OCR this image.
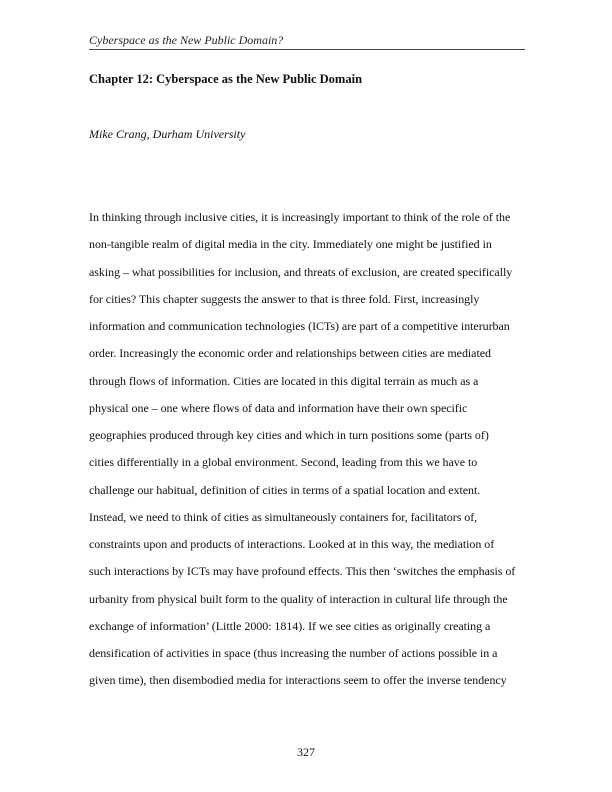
Cyberspace as the New Public Domain?
Chapter 12: Cyberspace as the New Public Domain
Mike Crang, Durham University
In thinking through inclusive cities, it is increasingly important to think of the role of the
non-tangible realm of digital media in the city. Immediately one might be justified in
asking – what possibilities for inclusion, and threats of exclusion, are created specifically
for cities? This chapter suggests the answer to that is three fold. First, increasingly
information and communication technologies (ICTs) are part of a competitive interurban
order. Increasingly the economic order and relationships between cities are mediated
through flows of information. Cities are located in this digital terrain as much as a
physical one – one where flows of data and information have their own specific
geographies produced through key cities and which in turn positions some (parts of)
cities differentially in a global environment. Second, leading from this we have to
challenge our habitual, definition of cities in terms of a spatial location and extent.
Instead, we need to think of cities as simultaneously containers for, facilitators of,
constraints upon and products of interactions. Looked at in this way, the mediation of
such interactions by ICTs may have profound effects. This then ‘switches the emphasis of
urbanity from physical built form to the quality of interaction in cultural life through the
exchange of information’ (Little 2000: 1814). If we see cities as originally creating a
densification of activities in space (thus increasing the number of actions possible in a
given time), then disembodied media for interactions seem to offer the inverse tendency
327
